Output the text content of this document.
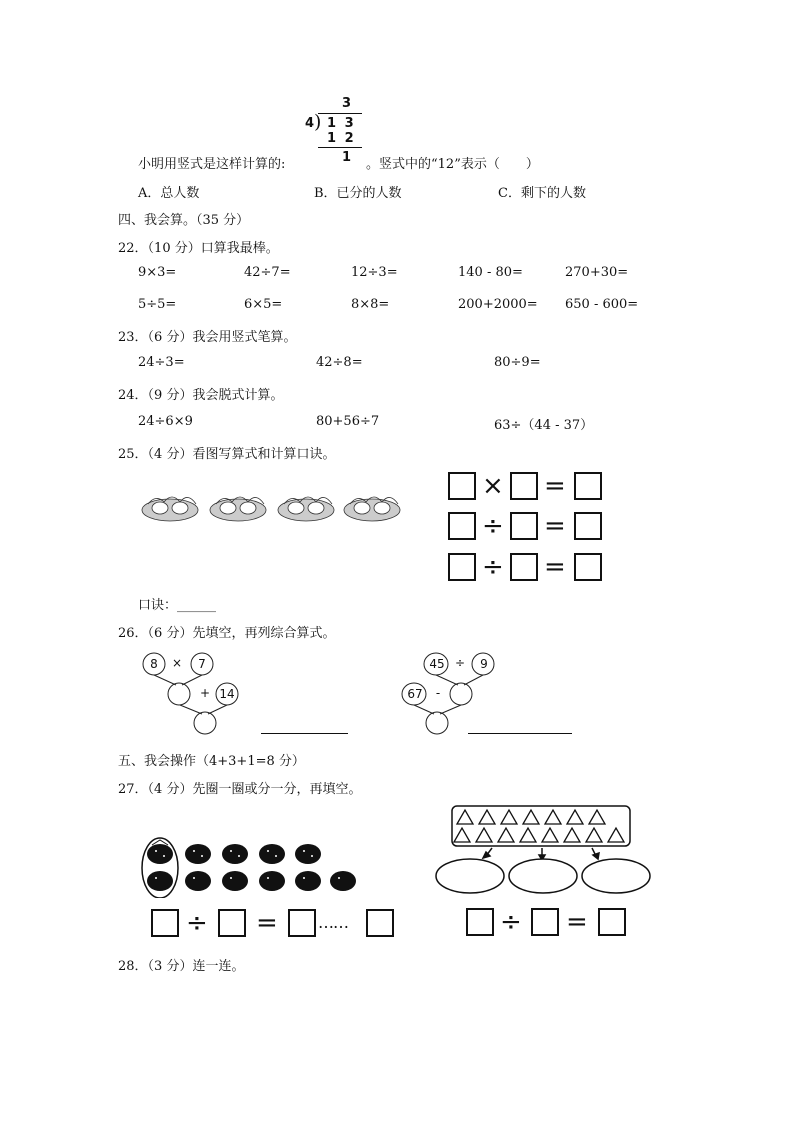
3
4 ) 1 3
1 2
1
小明用竖式是这样计算的:	。竖式中的“12”表示（　　）
A．总人数	B．已分的人数	C．剩下的人数
四、我会算。（35 分）
22．（10 分）口算我最棒。
9×3=	42÷7=	12÷3=	140 - 80=	270+30=
5÷5=	6×5=	8×8=	200+2000= 650 - 600=
23．（6 分）我会用竖式笔算。
24÷3=	42÷8=	80÷9=
24．（9 分）我会脱式计算。
24÷6×9	80+56÷7	63÷（44 - 37）
25．（4 分）看图写算式和计算口诀。
× =
÷ =
÷ =
口诀：______
26．（6 分）先填空，再列综合算式。
8	×	7
+ 14
45 ÷	9
67	-
五、我会操作（4+3+1=8 分）
27．（4 分）先圈一圈或分一分，再填空。
÷ =	……	÷ =
28．（3 分）连一连。
